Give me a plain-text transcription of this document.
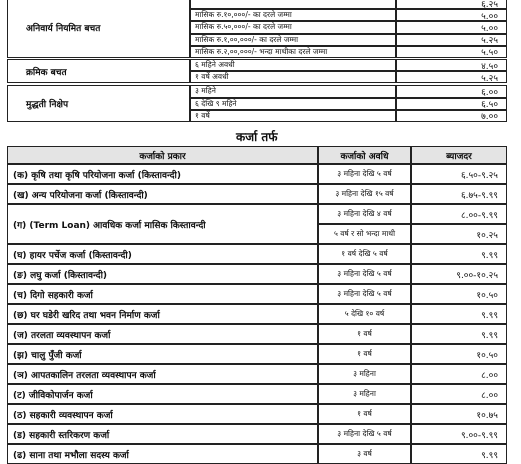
अनिवार्य नियमित बचत
६.२५
मासिक रु.१०,०००/- का दरले जम्मा	५.००
मासिक रु.५०,०००/- का दरले जम्मा	५.००
मासिक रु.१,००,०००/- का दरले जम्मा	५.२५
मासिक रु.२,००,०००/- भन्दा माथीका दरले जम्मा	५.५०
क्रमिक बचत
६ महिने अवधी	४.५०
१ वर्षे अवधी	५.२५
मुद्धती निक्षेप
३ महिने	६.००
६ देखि ९ महिने	६.५०
१ वर्षे	७.००
कर्जा तर्फ
कर्जाको प्रकार	कर्जाको अवधि	ब्याजदर
(क) कृषि तथा कृषि परियोजना कर्जा (किस्तावन्दी)	३ महिना देखि ५ वर्ष	६.५०-९.२५
(ख) अन्य परियोजना कर्जा (किस्तावन्दी)	३ महिना देखि १५ वर्ष	६.७५-९.९९
(ग) (Term Loan) आवधिक कर्जा मासिक किस्तावन्दी
३ महिना देखि ४ वर्ष	८.००-९.९९
५ वर्ष र सो भन्दा माथी	१०.२५
(घ) हायर पर्चेज कर्जा (किस्तावन्दी)	१ वर्ष देखि ५ वर्ष	९.९९
(ङ) लघु कर्जा (किस्तावन्दी)	३ महिना देखि ५ वर्ष	९.००-१०.२५
(च) दिगो सहकारी कर्जा	३ महिना देखि ५ वर्ष	१०.५०
(छ) घर घडेरी खरिद तथा भवन निर्माण कर्जा	५ देखि १० वर्ष	९.९९
(ज) तरलता व्यवस्थापन कर्जा	१ वर्ष	९.९९
(झ) चालु पुँजी कर्जा	१ वर्ष	१०.५०
(ञ) आपतकालिन तरलता व्यवस्थापन कर्जा	३ महिना	८.००
(ट) जीविकोपार्जन कर्जा	३ महिना	८.००
(ठ) सहकारी व्यवस्थापन कर्जा	१ वर्ष	१०.७५
(ड) सहकारी स्तरिकरण कर्जा	३ महिना देखि ५ वर्ष	९.००-९.९९
(ढ) साना तथा मभौला सदस्य कर्जा	३ वर्ष	९.९९
